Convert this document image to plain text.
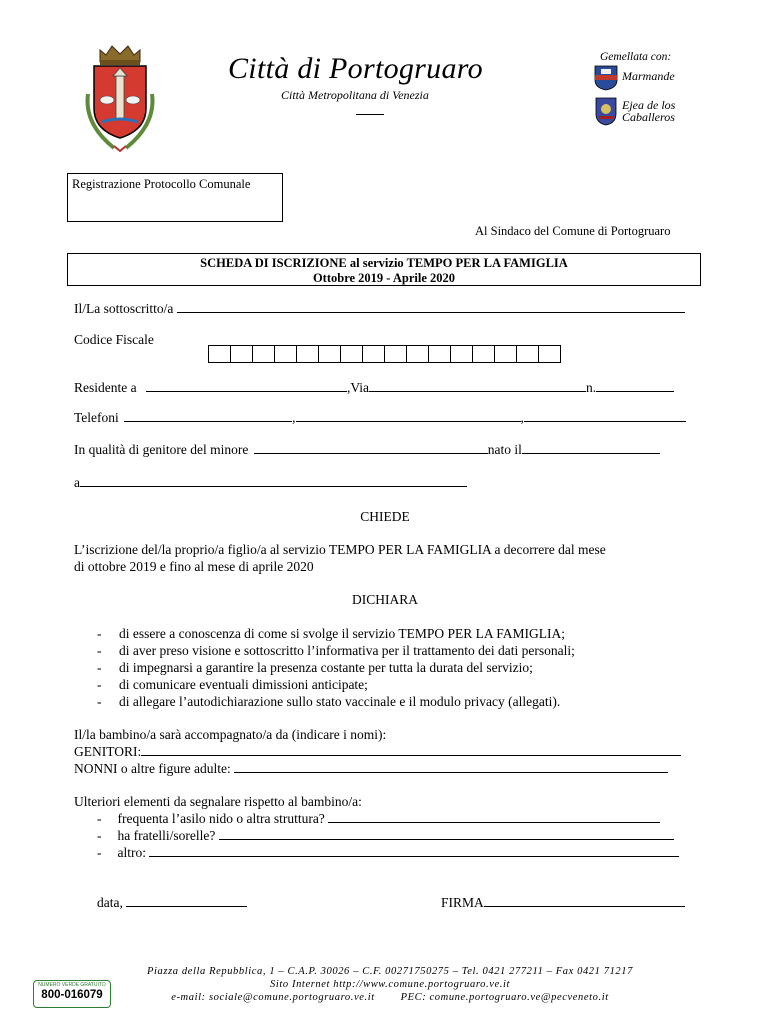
Città di Portogruaro
Città Metropolitana di Venezia
Gemellata con:
Marmande
Ejea de los
Caballeros
Registrazione Protocollo Comunale
Al Sindaco del Comune di Portogruaro
SCHEDA DI ISCRIZIONE al servizio TEMPO PER LA FAMIGLIA
Ottobre 2019 - Aprile 2020
Il/La sottoscritto/a
Codice Fiscale
Residente a	,Via	n.
Telefoni	,	,
In qualità di genitore del minore	nato il
a
CHIEDE
L’iscrizione del/la proprio/a figlio/a al servizio TEMPO PER LA FAMIGLIA a decorrere dal mese
di ottobre 2019 e fino al mese di aprile 2020
DICHIARA
- di essere a conoscenza di come si svolge il servizio TEMPO PER LA FAMIGLIA;
- di aver preso visione e sottoscritto l’informativa per il trattamento dei dati personali;
- di impegnarsi a garantire la presenza costante per tutta la durata del servizio;
- di comunicare eventuali dimissioni anticipate;
- di allegare l’autodichiarazione sullo stato vaccinale e il modulo privacy (allegati).
Il/la bambino/a sarà accompagnato/a da (indicare i nomi):
GENITORI:
NONNI o altre figure adulte:
Ulteriori elementi da segnalare rispetto al bambino/a:
- frequenta l’asilo nido o altra struttura?
- ha fratelli/sorelle?
- altro:
data,	FIRMA
NUMERO VERDE GRATUITO
800-016079
Piazza della Repubblica, 1 – C.A.P. 30026 – C.F. 00271750275 – Tel. 0421 277211 – Fax 0421 71217
Sito Internet http://www.comune.portogruaro.ve.it
e-mail: sociale@comune.portogruaro.ve.it        PEC: comune.portogruaro.ve@pecveneto.it
